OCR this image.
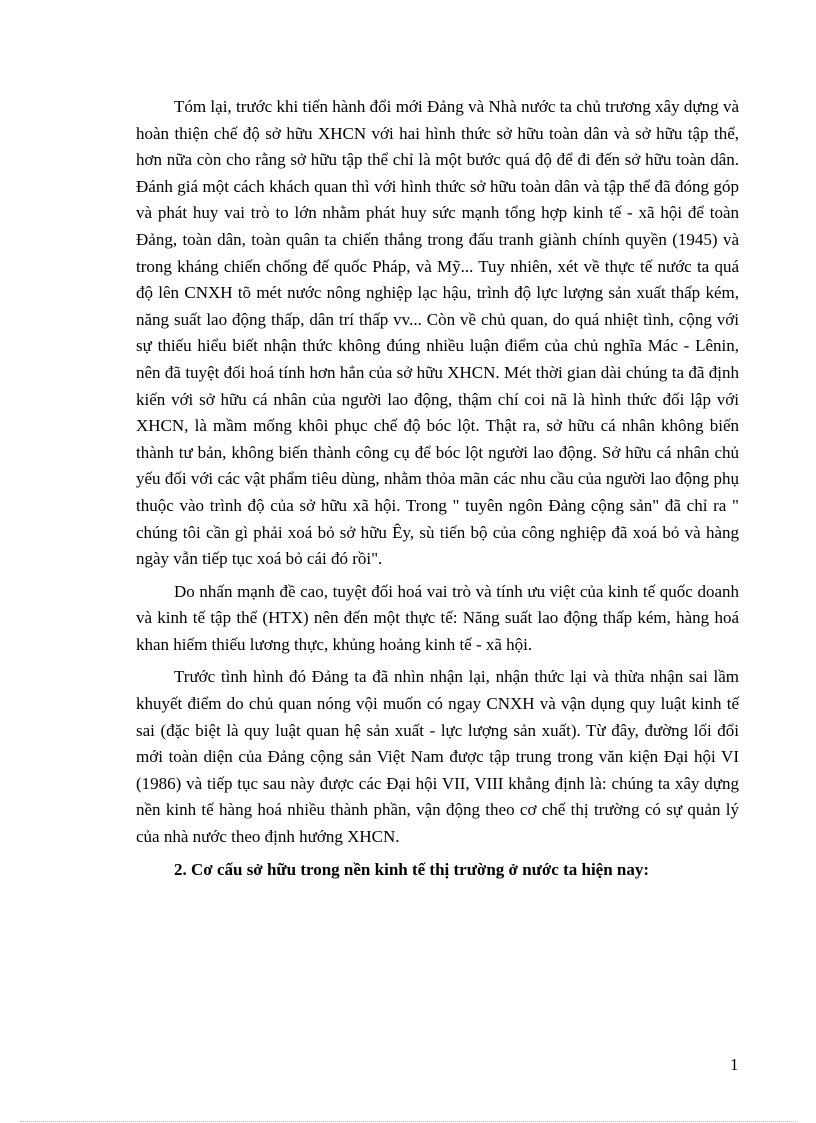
Tóm lại, trước khi tiến hành đổi mới Đảng và Nhà nước ta chủ trương xây dựng và hoàn thiện chế độ sở hữu XHCN với hai hình thức sở hữu toàn dân và sở hữu tập thể, hơn nữa còn cho rằng sở hữu tập thể chỉ là một bước quá độ để đi đến sở hữu toàn dân. Đánh giá một cách khách quan thì với hình thức sở hữu toàn dân và tập thể đã đóng góp và phát huy vai trò to lớn nhằm phát huy sức mạnh tổng hợp kinh tế - xã hội để toàn Đảng, toàn dân, toàn quân ta chiến thắng trong đấu tranh giành chính quyền (1945) và trong kháng chiến chống đế quốc Pháp, và Mỹ... Tuy nhiên, xét về thực tế nước ta quá độ lên CNXH tõ mét nước nông nghiệp lạc hậu, trình độ lực lượng sản xuất thấp kém, năng suất lao động thấp, dân trí thấp vv... Còn về chủ quan, do quá nhiệt tình, cộng với sự thiếu hiểu biết nhận thức không đúng nhiều luận điểm của chủ nghĩa Mác - Lênin, nên đã tuyệt đối hoá tính hơn hẳn của sở hữu XHCN. Mét thời gian dài chúng ta đã định kiến với sở hữu cá nhân của người lao động, thậm chí coi nã là hình thức đối lập với XHCN, là mầm mống khôi phục chế độ bóc lột. Thật ra, sở hữu cá nhân không biến thành tư bản, không biến thành công cụ để bóc lột người lao động. Sở hữu cá nhân chủ yếu đối với các vật phẩm tiêu dùng, nhằm thỏa mãn các nhu cầu của người lao động phụ thuộc vào trình độ của sở hữu xã hội. Trong " tuyên ngôn Đảng cộng sản" đã chỉ ra " chúng tôi cần gì phải xoá bỏ sở hữu Êy, sù tiến bộ của công nghiệp đã xoá bỏ và hàng ngày vẫn tiếp tục xoá bỏ cái đó rồi".

Do nhấn mạnh đề cao, tuyệt đối hoá vai trò và tính ưu việt của kinh tế quốc doanh và kinh tế tập thể (HTX) nên đến một thực tế: Năng suất lao động thấp kém, hàng hoá khan hiếm thiếu lương thực, khủng hoảng kinh tế - xã hội.

Trước tình hình đó Đảng ta đã nhìn nhận lại, nhận thức lại và thừa nhận sai lầm khuyết điểm do chủ quan nóng vội muốn có ngay CNXH và vận dụng quy luật kinh tế sai (đặc biệt là quy luật quan hệ sản xuất - lực lượng sản xuất). Từ đây, đường lối đổi mới toàn diện của Đảng cộng sản Việt Nam được tập trung trong văn kiện Đại hội VI (1986) và tiếp tục sau này được các Đại hội VII, VIII khẳng định là: chúng ta xây dựng nền kinh tế hàng hoá nhiều thành phần, vận động theo cơ chế thị trường có sự quản lý của nhà nước theo định hướng XHCN.

2. Cơ cấu sở hữu trong nền kinh tế thị trường ở nước ta hiện nay:

1
